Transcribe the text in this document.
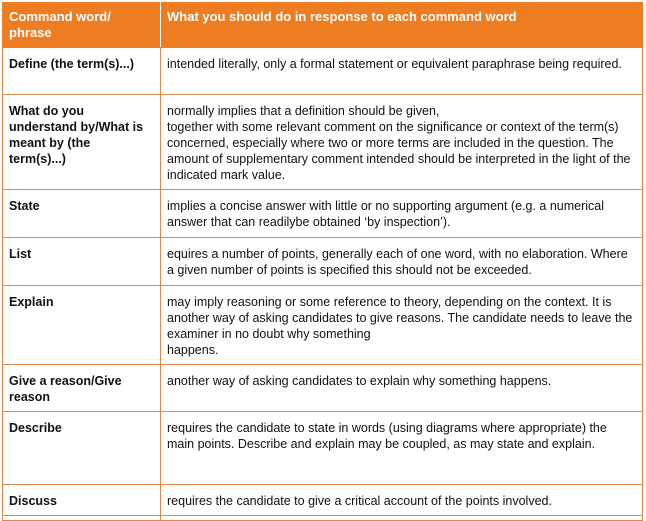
Command word/
phrase	What you should do in response to each command word
Define (the term(s)...)	intended literally, only a formal statement or equivalent paraphrase being required.
What do you understand by/What is meant by (the term(s)...)	normally implies that a definition should be given,
together with some relevant comment on the significance or context of the term(s) concerned, especially where two or more terms are included in the question. The amount of supplementary comment intended should be interpreted in the light of the indicated mark value.
State	implies a concise answer with little or no supporting argument (e.g. a numerical answer that can readilybe obtained ‘by inspection’).
List	equires a number of points, generally each of one word, with no elaboration. Where a given number of points is specified this should not be exceeded.
Explain	may imply reasoning or some reference to theory, depending on the context. It is another way of asking candidates to give reasons. The candidate needs to leave the examiner in no doubt why something
happens.
Give a reason/Give reason	another way of asking candidates to explain why something happens.
Describe	requires the candidate to state in words (using diagrams where appropriate) the main points. Describe and explain may be coupled, as may state and explain.
Discuss	requires the candidate to give a critical account of the points involved.
